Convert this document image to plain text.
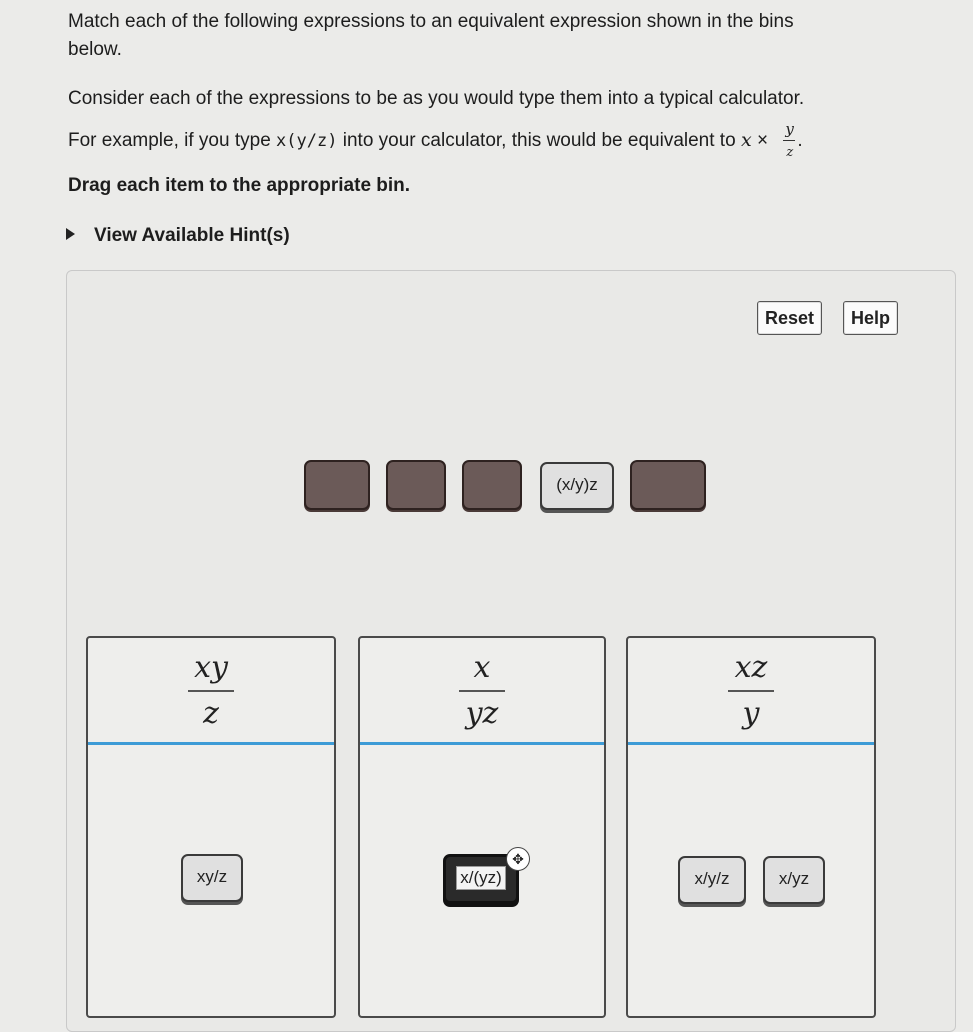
Match each of the following expressions to an equivalent expression shown in the bins
below.
Consider each of the expressions to be as you would type them into a typical calculator.
For example, if you type x(y/z) into your calculator, this would be equivalent to $x \times \frac{y}{z}$ .
Drag each item to the appropriate bin.
View Available Hint(s)
Reset	Help
(x/y)z
xy
z
xy/z
x
yz
x/(yz)
✥
xz
y
x/y/z	x/yz
